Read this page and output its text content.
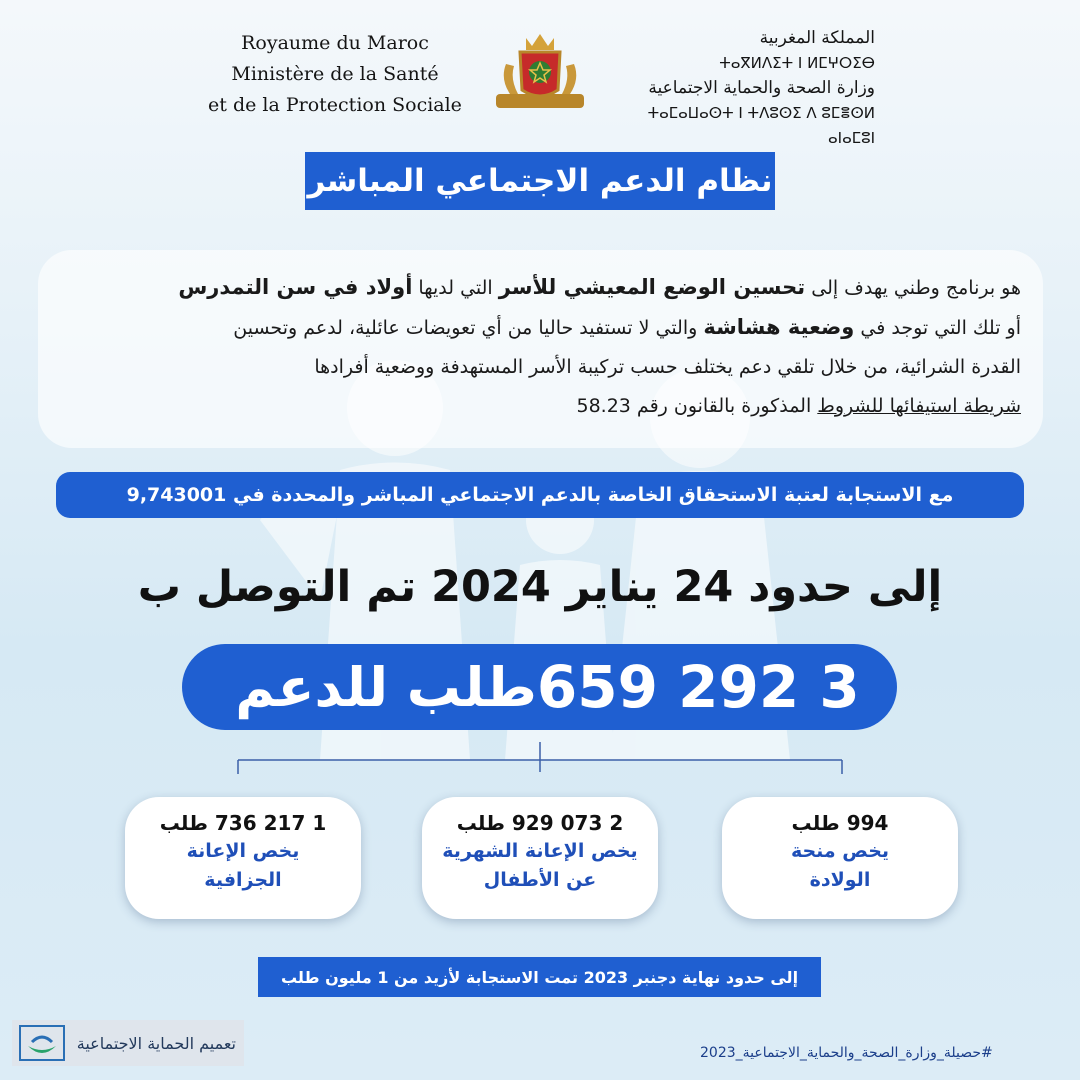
Royaume du Maroc
Ministère de la Santé
et de la Protection Sociale
المملكة المغربية
ⵜⴰⴳⵍⴷⵉⵜ ⵏ ⵍⵎⵖⵔⵉⴱ
وزارة الصحة والحماية الاجتماعية
ⵜⴰⵎⴰⵡⴰⵙⵜ ⵏ ⵜⴷⵓⵙⵉ ⴷ ⵓⵎⴻⵙⵍ ⴰⵏⴰⵎⵓⵏ
نظام الدعم الاجتماعي المباشر
هو برنامج وطني يهدف إلى تحسين الوضع المعيشي للأسر التي لديها أولاد في سن التمدرس
أو تلك التي توجد في وضعية هشاشة والتي لا تستفيد حاليا من أي تعويضات عائلية، لدعم وتحسين
القدرة الشرائية، من خلال تلقي دعم يختلف حسب تركيبة الأسر المستهدفة ووضعية أفرادها
شريطة استيفائها للشروط المذكورة بالقانون رقم 58.23
مع الاستجابة لعتبة الاستحقاق الخاصة بالدعم الاجتماعي المباشر والمحددة في 9,743001
إلى حدود 24 يناير 2024 تم التوصل ب
3 292 659
طلب للدعم
1 217 736 طلب
يخص الإعانة
الجزافية
2 073 929 طلب
يخص الإعانة الشهرية
عن الأطفال
994 طلب
يخص منحة
الولادة
إلى حدود نهاية دجنبر 2023 تمت الاستجابة لأزيد من 1 مليون طلب
تعميم الحماية الاجتماعية
#حصيلة_وزارة_الصحة_والحماية_الاجتماعية_2023
